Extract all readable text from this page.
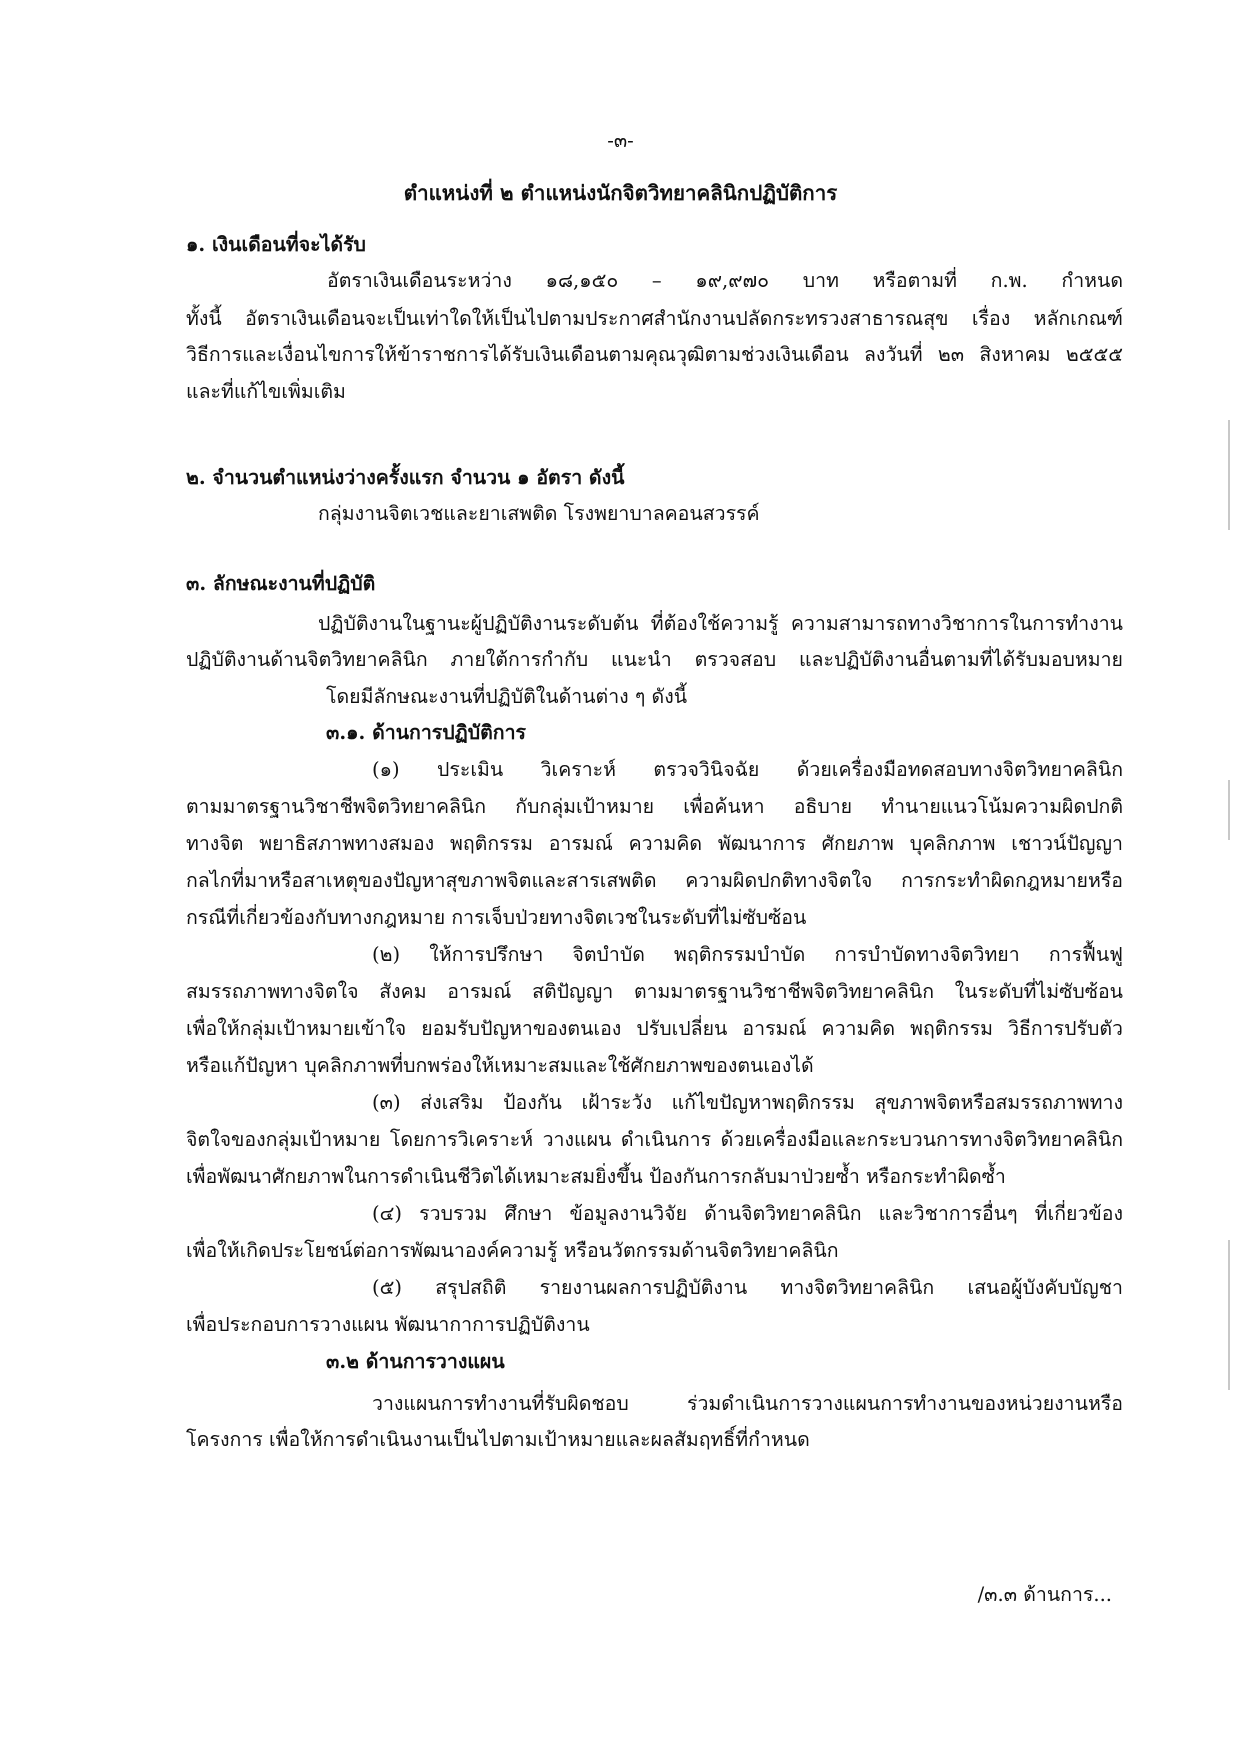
-๓-
ตำแหน่งที่ ๒ ตำแหน่งนักจิตวิทยาคลินิกปฏิบัติการ
๑. เงินเดือนที่จะได้รับ
อัตราเงินเดือนระหว่าง ๑๘,๑๕๐ – ๑๙,๙๗๐ บาท หรือตามที่ ก.พ. กำหนด
ทั้งนี้ อัตราเงินเดือนจะเป็นเท่าใดให้เป็นไปตามประกาศสำนักงานปลัดกระทรวงสาธารณสุข เรื่อง หลักเกณฑ์
วิธีการและเงื่อนไขการให้ข้าราชการได้รับเงินเดือนตามคุณวุฒิตามช่วงเงินเดือน ลงวันที่ ๒๓ สิงหาคม ๒๕๕๕
และที่แก้ไขเพิ่มเติม
๒. จำนวนตำแหน่งว่างครั้งแรก จำนวน ๑ อัตรา ดังนี้
กลุ่มงานจิตเวชและยาเสพติด โรงพยาบาลคอนสวรรค์
๓. ลักษณะงานที่ปฏิบัติ
ปฏิบัติงานในฐานะผู้ปฏิบัติงานระดับต้น ที่ต้องใช้ความรู้ ความสามารถทางวิชาการในการทำงาน
ปฏิบัติงานด้านจิตวิทยาคลินิก ภายใต้การกำกับ แนะนำ ตรวจสอบ และปฏิบัติงานอื่นตามที่ได้รับมอบหมาย
โดยมีลักษณะงานที่ปฏิบัติในด้านต่าง ๆ ดังนี้
๓.๑. ด้านการปฏิบัติการ
(๑) ประเมิน วิเคราะห์ ตรวจวินิจฉัย ด้วยเครื่องมือทดสอบทางจิตวิทยาคลินิก
ตามมาตรฐานวิชาชีพจิตวิทยาคลินิก กับกลุ่มเป้าหมาย เพื่อค้นหา อธิบาย ทำนายแนวโน้มความผิดปกติ
ทางจิต พยาธิสภาพทางสมอง พฤติกรรม อารมณ์ ความคิด พัฒนาการ ศักยภาพ บุคลิกภาพ เชาวน์ปัญญา
กลไกที่มาหรือสาเหตุของปัญหาสุขภาพจิตและสารเสพติด ความผิดปกติทางจิตใจ การกระทำผิดกฎหมายหรือ
กรณีที่เกี่ยวข้องกับทางกฎหมาย การเจ็บป่วยทางจิตเวชในระดับที่ไม่ซับซ้อน
(๒) ให้การปรึกษา จิตบำบัด พฤติกรรมบำบัด การบำบัดทางจิตวิทยา การฟื้นฟู
สมรรถภาพทางจิตใจ สังคม อารมณ์ สติปัญญา ตามมาตรฐานวิชาชีพจิตวิทยาคลินิก ในระดับที่ไม่ซับซ้อน
เพื่อให้กลุ่มเป้าหมายเข้าใจ ยอมรับปัญหาของตนเอง ปรับเปลี่ยน อารมณ์ ความคิด พฤติกรรม วิธีการปรับตัว
หรือแก้ปัญหา บุคลิกภาพที่บกพร่องให้เหมาะสมและใช้ศักยภาพของตนเองได้
(๓) ส่งเสริม ป้องกัน เฝ้าระวัง แก้ไขปัญหาพฤติกรรม สุขภาพจิตหรือสมรรถภาพทาง
จิตใจของกลุ่มเป้าหมาย โดยการวิเคราะห์ วางแผน ดำเนินการ ด้วยเครื่องมือและกระบวนการทางจิตวิทยาคลินิก
เพื่อพัฒนาศักยภาพในการดำเนินชีวิตได้เหมาะสมยิ่งขึ้น ป้องกันการกลับมาป่วยซ้ำ หรือกระทำผิดซ้ำ
(๔) รวบรวม ศึกษา ข้อมูลงานวิจัย ด้านจิตวิทยาคลินิก และวิชาการอื่นๆ ที่เกี่ยวข้อง
เพื่อให้เกิดประโยชน์ต่อการพัฒนาองค์ความรู้ หรือนวัตกรรมด้านจิตวิทยาคลินิก
(๕) สรุปสถิติ รายงานผลการปฏิบัติงาน ทางจิตวิทยาคลินิก เสนอผู้บังคับบัญชา
เพื่อประกอบการวางแผน พัฒนากาการปฏิบัติงาน
๓.๒ ด้านการวางแผน
วางแผนการทำงานที่รับผิดชอบ ร่วมดำเนินการวางแผนการทำงานของหน่วยงานหรือ
โครงการ เพื่อให้การดำเนินงานเป็นไปตามเป้าหมายและผลสัมฤทธิ์ที่กำหนด
/๓.๓ ด้านการ...
